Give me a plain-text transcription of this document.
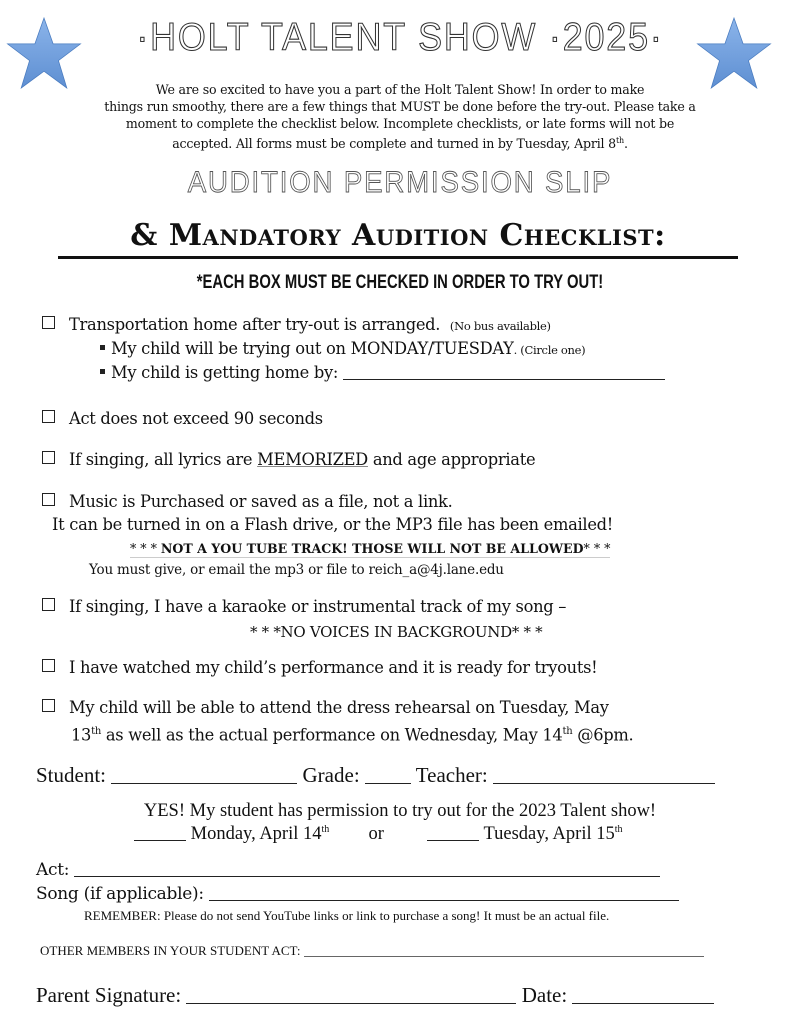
·HOLT TALENT SHOW ·2025·
We are so excited to have you a part of the Holt Talent Show! In order to make
things run smoothy, there are a few things that MUST be done before the try-out. Please take a
moment to complete the checklist below. Incomplete checklists, or late forms will not be
accepted. All forms must be complete and turned in by Tuesday, April 8th.
AUDITION PERMISSION SLIP
& Mandatory Audition Checklist:
*EACH BOX MUST BE CHECKED IN ORDER TO TRY OUT!
Transportation home after try-out is arranged. (No bus available)
My child will be trying out on MONDAY/TUESDAY. (Circle one)
My child is getting home by:
Act does not exceed 90 seconds
If singing, all lyrics are MEMORIZED and age appropriate
Music is Purchased or saved as a file, not a link.
It can be turned in on a Flash drive, or the MP3 file has been emailed!
* * * NOT A YOU TUBE TRACK! THOSE WILL NOT BE ALLOWED* * *
You must give, or email the mp3 or file to reich_a@4j.lane.edu
If singing, I have a karaoke or instrumental track of my song –
* * *NO VOICES IN BACKGROUND* * *
I have watched my child’s performance and it is ready for tryouts!
My child will be able to attend the dress rehearsal on Tuesday, May
13th as well as the actual performance on Wednesday, May 14th @6pm.
Student:	Grade:	Teacher:
YES! My student has permission to try out for the 2023 Talent show!
Monday, April 14th or	Tuesday, April 15th
Act:
Song (if applicable):
REMEMBER: Please do not send YouTube links or link to purchase a song! It must be an actual file.
OTHER MEMBERS IN YOUR STUDENT ACT:
Parent Signature:	Date:
